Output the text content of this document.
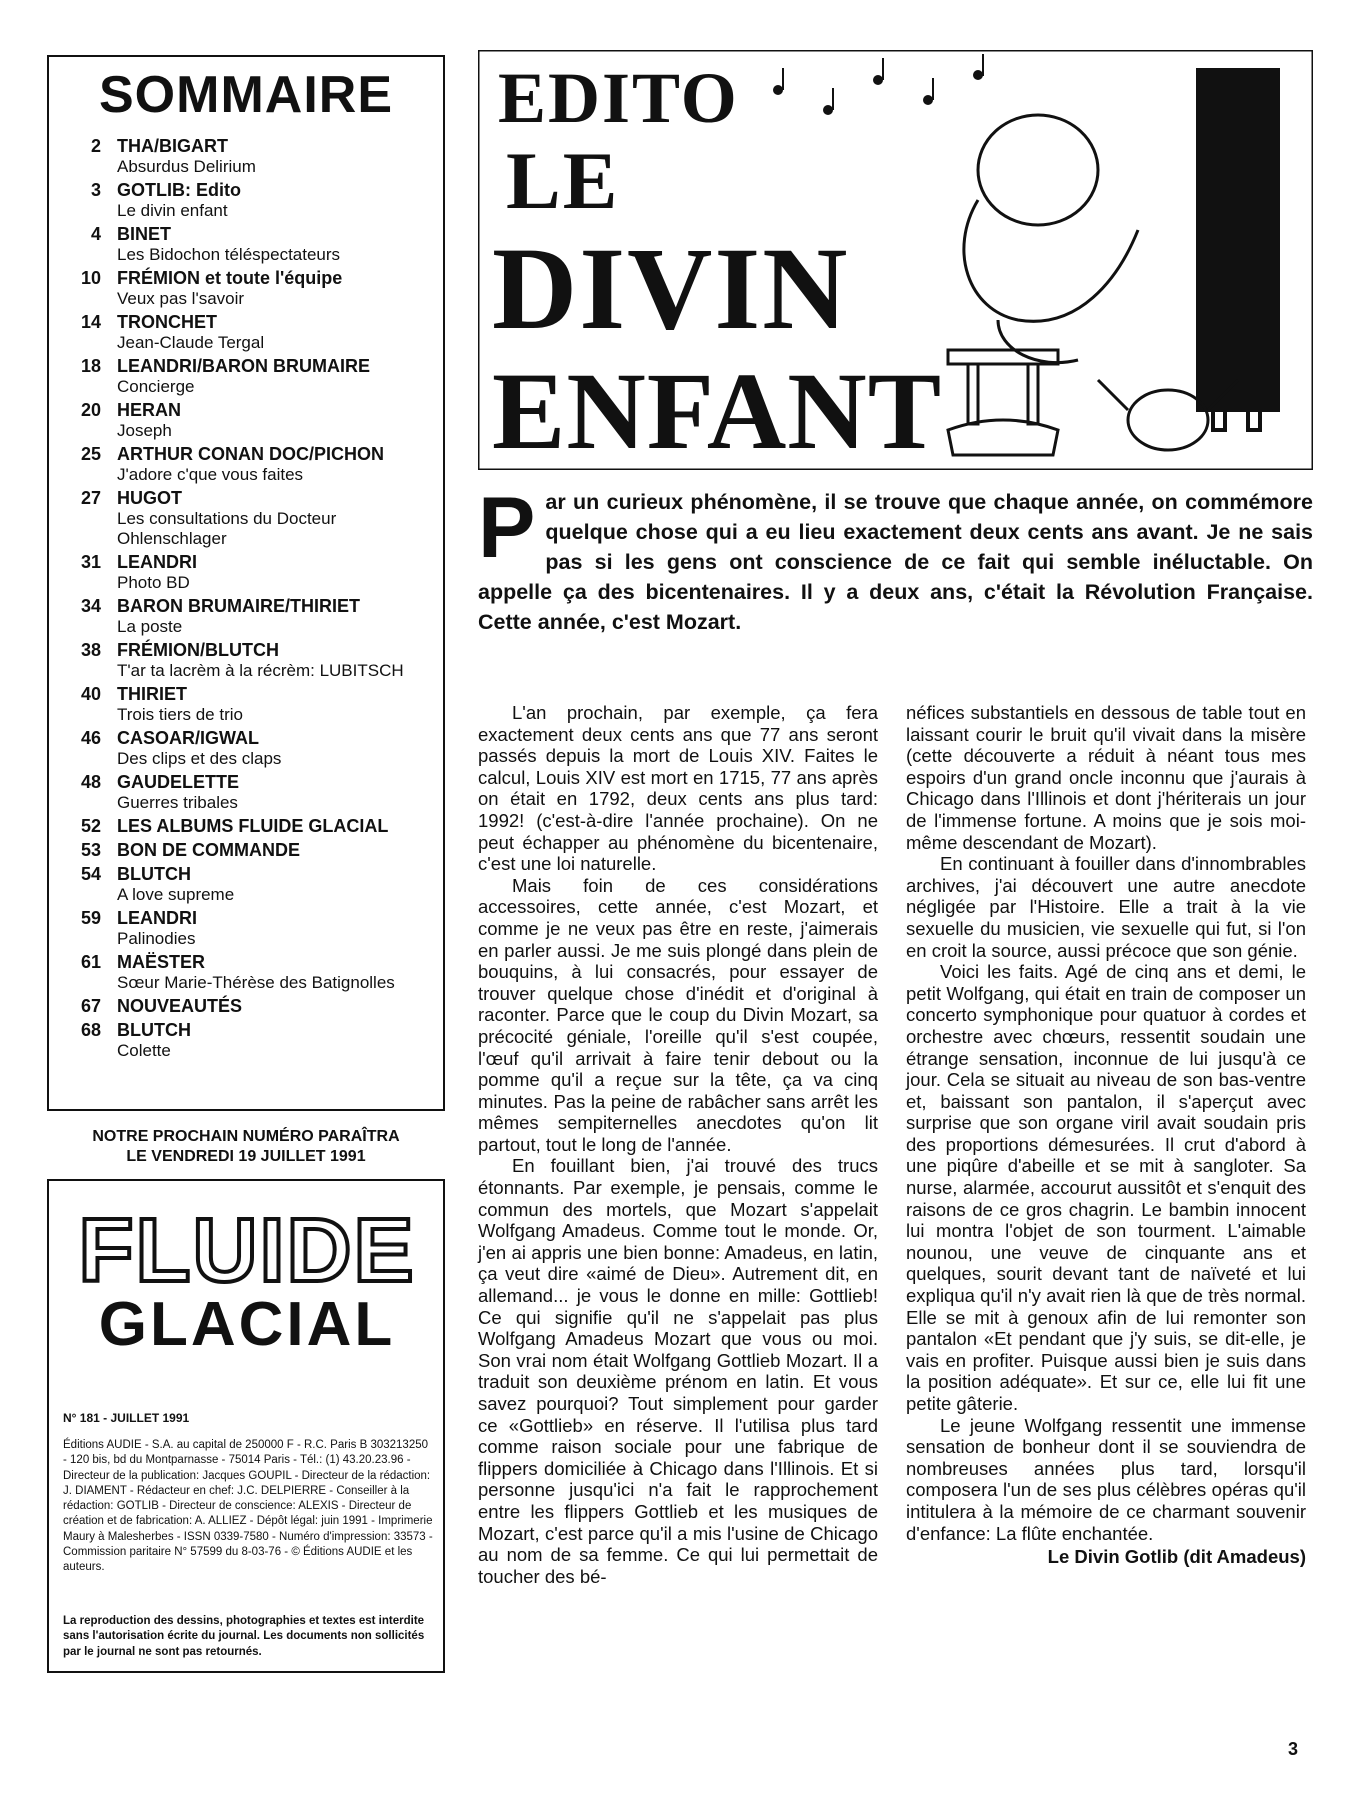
SOMMAIRE
2 THA/BIGART
Absurdus Delirium
3 GOTLIB: Edito
Le divin enfant
4 BINET
Les Bidochon téléspectateurs
10 FRÉMION et toute l'équipe
Veux pas l'savoir
14 TRONCHET
Jean-Claude Tergal
18 LEANDRI/BARON BRUMAIRE
Concierge
20 HERAN
Joseph
25 ARTHUR CONAN DOC/PICHON
J'adore c'que vous faites
27 HUGOT
Les consultations du Docteur Ohlenschlager
31 LEANDRI
Photo BD
34 BARON BRUMAIRE/THIRIET
La poste
38 FRÉMION/BLUTCH
T'ar ta lacrèm à la récrèm: LUBITSCH
40 THIRIET
Trois tiers de trio
46 CASOAR/IGWAL
Des clips et des claps
48 GAUDELETTE
Guerres tribales
52 LES ALBUMS FLUIDE GLACIAL
53 BON DE COMMANDE
54 BLUTCH
A love supreme
59 LEANDRI
Palinodies
61 MAËSTER
Sœur Marie-Thérèse des Batignolles
67 NOUVEAUTÉS
68 BLUTCH
Colette
NOTRE PROCHAIN NUMÉRO PARAÎTRA
LE VENDREDI 19 JUILLET 1991
FLUIDE
GLACIAL
N° 181 - JUILLET 1991
Éditions AUDIE - S.A. au capital de 250000 F - R.C. Paris B 303213250 - 120 bis, bd du Montparnasse - 75014 Paris - Tél.: (1) 43.20.23.96 - Directeur de la publication: Jacques GOUPIL - Directeur de la rédaction: J. DIAMENT - Rédacteur en chef: J.C. DELPIERRE - Conseiller à la rédaction: GOTLIB - Directeur de conscience: ALEXIS - Directeur de création et de fabrication: A. ALLIEZ - Dépôt légal: juin 1991 - Imprimerie Maury à Malesherbes - ISSN 0339-7580 - Numéro d'impression: 33573 - Commission paritaire N° 57599 du 8-03-76 - © Éditions AUDIE et les auteurs.
La reproduction des dessins, photographies et textes est interdite sans l'autorisation écrite du journal. Les documents non sollicités par le journal ne sont pas retournés.
EDITO
LE
DIVIN
ENFANT
Par un curieux phénomène, il se trouve que chaque année, on commémore quelque chose qui a eu lieu exactement deux cents ans avant. Je ne sais pas si les gens ont conscience de ce fait qui semble inéluctable. On appelle ça des bicentenaires. Il y a deux ans, c'était la Révolution Française. Cette année, c'est Mozart.

L'an prochain, par exemple, ça fera exactement deux cents ans que 77 ans seront passés depuis la mort de Louis XIV. Faites le calcul, Louis XIV est mort en 1715, 77 ans après on était en 1792, deux cents ans plus tard: 1992! (c'est-à-dire l'année prochaine). On ne peut échapper au phénomène du bicentenaire, c'est une loi naturelle.

Mais foin de ces considérations accessoires, cette année, c'est Mozart, et comme je ne veux pas être en reste, j'aimerais en parler aussi. Je me suis plongé dans plein de bouquins, à lui consacrés, pour essayer de trouver quelque chose d'inédit et d'original à raconter. Parce que le coup du Divin Mozart, sa précocité géniale, l'oreille qu'il s'est coupée, l'œuf qu'il arrivait à faire tenir debout ou la pomme qu'il a reçue sur la tête, ça va cinq minutes. Pas la peine de rabâcher sans arrêt les mêmes sempiternelles anecdotes qu'on lit partout, tout le long de l'année.

En fouillant bien, j'ai trouvé des trucs étonnants. Par exemple, je pensais, comme le commun des mortels, que Mozart s'appelait Wolfgang Amadeus. Comme tout le monde. Or, j'en ai appris une bien bonne: Amadeus, en latin, ça veut dire «aimé de Dieu». Autrement dit, en allemand... je vous le donne en mille: Gottlieb! Ce qui signifie qu'il ne s'appelait pas plus Wolfgang Amadeus Mozart que vous ou moi. Son vrai nom était Wolfgang Gottlieb Mozart. Il a traduit son deuxième prénom en latin. Et vous savez pourquoi? Tout simplement pour garder ce «Gottlieb» en réserve. Il l'utilisa plus tard comme raison sociale pour une fabrique de flippers domiciliée à Chicago dans l'Illinois. Et si personne jusqu'ici n'a fait le rapprochement entre les flippers Gottlieb et les musiques de Mozart, c'est parce qu'il a mis l'usine de Chicago au nom de sa femme. Ce qui lui permettait de toucher des bé-

néfices substantiels en dessous de table tout en laissant courir le bruit qu'il vivait dans la misère (cette découverte a réduit à néant tous mes espoirs d'un grand oncle inconnu que j'aurais à Chicago dans l'Illinois et dont j'hériterais un jour de l'immense fortune. A moins que je sois moi-même descendant de Mozart).

En continuant à fouiller dans d'innombrables archives, j'ai découvert une autre anecdote négligée par l'Histoire. Elle a trait à la vie sexuelle du musicien, vie sexuelle qui fut, si l'on en croit la source, aussi précoce que son génie.

Voici les faits. Agé de cinq ans et demi, le petit Wolfgang, qui était en train de composer un concerto symphonique pour quatuor à cordes et orchestre avec chœurs, ressentit soudain une étrange sensation, inconnue de lui jusqu'à ce jour. Cela se situait au niveau de son bas-ventre et, baissant son pantalon, il s'aperçut avec surprise que son organe viril avait soudain pris des proportions démesurées. Il crut d'abord à une piqûre d'abeille et se mit à sangloter. Sa nurse, alarmée, accourut aussitôt et s'enquit des raisons de ce gros chagrin. Le bambin innocent lui montra l'objet de son tourment. L'aimable nounou, une veuve de cinquante ans et quelques, sourit devant tant de naïveté et lui expliqua qu'il n'y avait rien là que de très normal. Elle se mit à genoux afin de lui remonter son pantalon «Et pendant que j'y suis, se dit-elle, je vais en profiter. Puisque aussi bien je suis dans la position adéquate». Et sur ce, elle lui fit une petite gâterie.

Le jeune Wolfgang ressentit une immense sensation de bonheur dont il se souviendra de nombreuses années plus tard, lorsqu'il composera l'un de ses plus célèbres opéras qu'il intitulera à la mémoire de ce charmant souvenir d'enfance: La flûte enchantée.

Le Divin Gotlib (dit Amadeus)
3
